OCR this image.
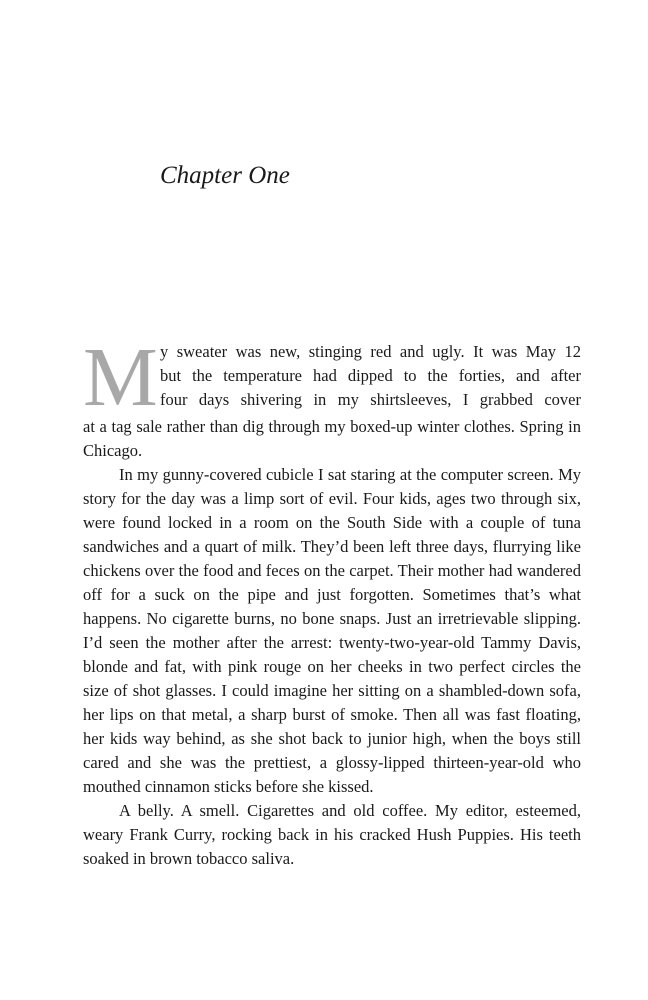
Chapter One
M y sweater was new, stinging red and ugly. It was May 12
but the temperature had dipped to the forties, and after
four days shivering in my shirtsleeves, I grabbed cover

at a tag sale rather than dig through my boxed-up winter clothes. Spring in Chicago.

In my gunny-covered cubicle I sat staring at the computer screen. My story for the day was a limp sort of evil. Four kids, ages two through six, were found locked in a room on the South Side with a couple of tuna sandwiches and a quart of milk. They’d been left three days, flurrying like chickens over the food and feces on the carpet. Their mother had wandered off for a suck on the pipe and just forgotten. Sometimes that’s what happens. No cigarette burns, no bone snaps. Just an irretrievable slipping. I’d seen the mother after the arrest: twenty-two-year-old Tammy Davis, blonde and fat, with pink rouge on her cheeks in two perfect circles the size of shot glasses. I could imagine her sitting on a shambled-down sofa, her lips on that metal, a sharp burst of smoke. Then all was fast floating, her kids way behind, as she shot back to junior high, when the boys still cared and she was the prettiest, a glossy-lipped thirteen-year-old who mouthed cinnamon sticks before she kissed.

A belly. A smell. Cigarettes and old coffee. My editor, esteemed, weary Frank Curry, rocking back in his cracked Hush Puppies. His teeth soaked in brown tobacco saliva.
